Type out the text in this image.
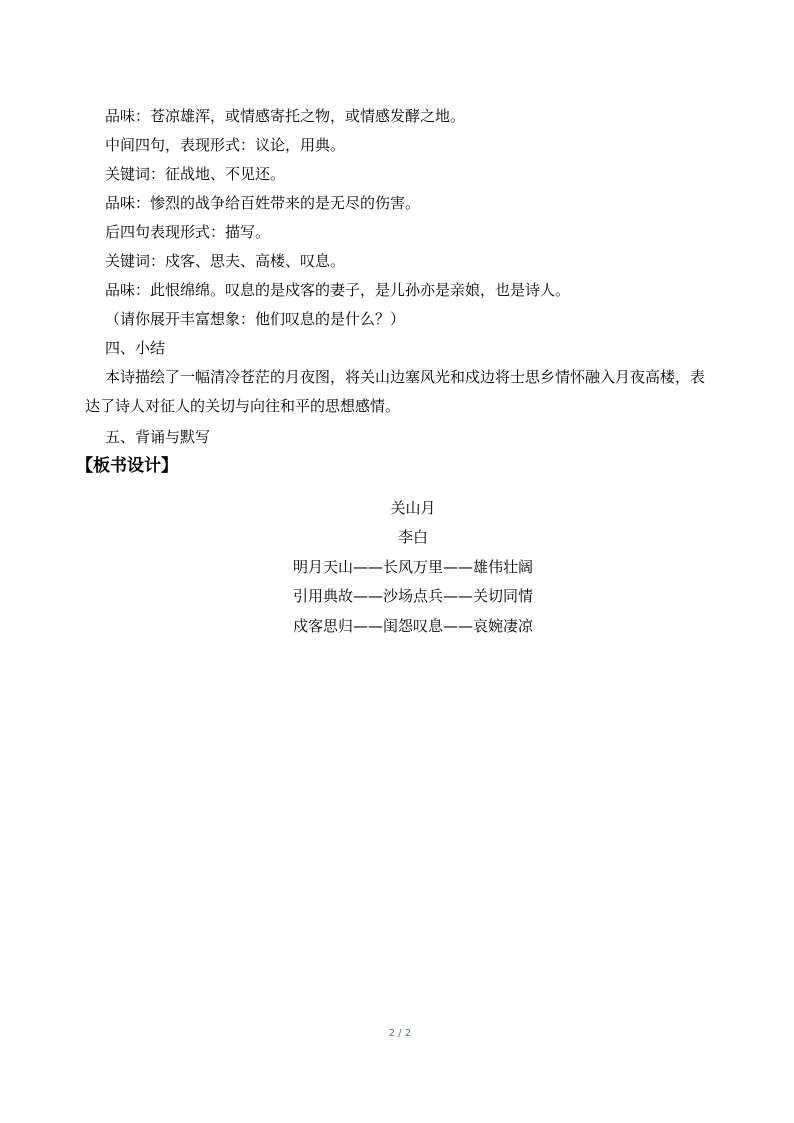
品味：苍凉雄浑，或情感寄托之物，或情感发酵之地。
中间四句，表现形式：议论，用典。
关键词：征战地、不见还。
品味：惨烈的战争给百姓带来的是无尽的伤害。
后四句表现形式：描写。
关键词：戍客、思夫、高楼、叹息。
品味：此恨绵绵。叹息的是戍客的妻子，是儿孙亦是亲娘，也是诗人。
（请你展开丰富想象：他们叹息的是什么？）
四、小结
本诗描绘了一幅清冷苍茫的月夜图，将关山边塞风光和戍边将士思乡情怀融入月夜高楼，表达了诗人对征人的关切与向往和平的思想感情。
五、背诵与默写
【板书设计】
关山月
李白
明月天山——长风万里——雄伟壮阔
引用典故——沙场点兵——关切同情
戍客思归——闺怨叹息——哀婉凄凉
2 / 2
